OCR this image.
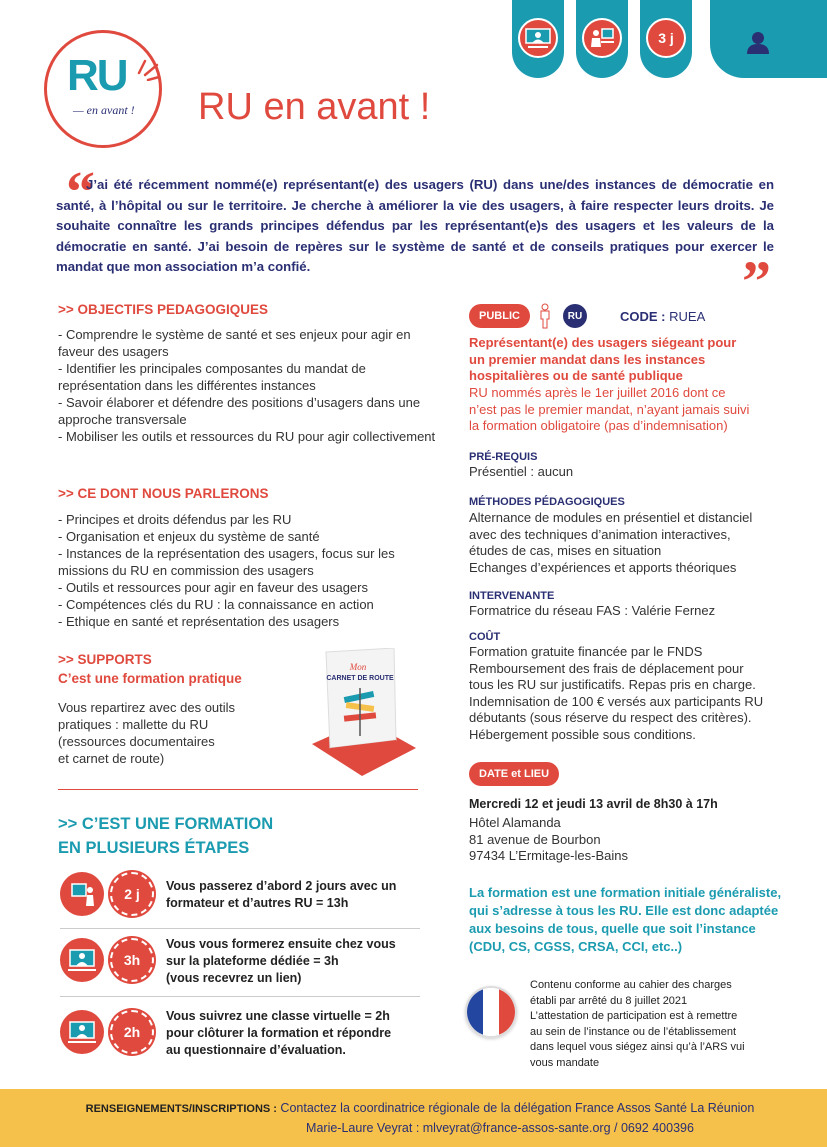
RU
— en avant ! RU en avant !
3 j
“
J’ai été récemment nommé(e) représentant(e) des usagers (RU) dans une/des instances de démocratie en santé, à l’hôpital ou sur le territoire. Je cherche à améliorer la vie des usagers, à faire respecter leurs droits. Je souhaite connaître les grands principes défendus par les représentant(e)s des usagers et les valeurs de la démocratie en santé. J’ai besoin de repères sur le système de santé et de conseils pratiques pour exercer le mandat que mon association m’a confié.	”
>> OBJECTIFS PEDAGOGIQUES
- Comprendre le système de santé et ses enjeux pour agir en faveur des usagers
- Identifier les principales composantes du mandat de représentation dans les différentes instances
- Savoir élaborer et défendre des positions d’usagers dans une approche transversale
- Mobiliser les outils et ressources du RU pour agir collectivement
>> CE DONT NOUS PARLERONS
- Principes et droits défendus par les RU
- Organisation et enjeux du système de santé
- Instances de la représentation des usagers, focus sur les missions du RU en commission des usagers
- Outils et ressources pour agir en faveur des usagers
- Compétences clés du RU : la connaissance en action
- Ethique en santé et représentation des usagers
>> SUPPORTS
C’est une formation pratique
Vous repartirez avec des outils
pratiques : mallette du RU
(ressources documentaires
et carnet de route)
Mon
CARNET DE ROUTE
>> C’EST UNE FORMATION
EN PLUSIEURS ÉTAPES
2 j	Vous passerez d’abord 2 jours avec un
formateur et d’autres RU = 13h
3h
Vous vous formerez ensuite chez vous
sur la plateforme dédiée = 3h
(vous recevrez un lien)
2h
Vous suivrez une classe virtuelle = 2h
pour clôturer la formation et répondre
au questionnaire d’évaluation.
PUBLIC	RU	CODE : RUEA
Représentant(e) des usagers siégeant pour
un premier mandat dans les instances
hospitalières ou de santé publique
RU nommés après le 1er juillet 2016 dont ce
n’est pas le premier mandat, n’ayant jamais suivi
la formation obligatoire (pas d’indemnisation)
PRÉ-REQUIS
Présentiel : aucun
MÉTHODES PÉDAGOGIQUES
Alternance de modules en présentiel et distanciel
avec des techniques d’animation interactives,
études de cas, mises en situation
Echanges d’expériences et apports théoriques
INTERVENANTE
Formatrice du réseau FAS : Valérie Fernez
COÛT
Formation gratuite financée par le FNDS
Remboursement des frais de déplacement pour
tous les RU sur justificatifs. Repas pris en charge.
Indemnisation de 100 € versés aux participants RU
débutants (sous réserve du respect des critères).
Hébergement possible sous conditions.
DATE et LIEU
Mercredi 12 et jeudi 13 avril de 8h30 à 17h
Hôtel Alamanda
81 avenue de Bourbon
97434 L’Ermitage-les-Bains
La formation est une formation initiale généraliste,
qui s’adresse à tous les RU. Elle est donc adaptée
aux besoins de tous, quelle que soit l’instance
(CDU, CS, CGSS, CRSA, CCI, etc..)
Contenu conforme au cahier des charges
établi par arrêté du 8 juillet 2021
L’attestation de participation est à remettre
au sein de l’instance ou de l’établissement
dans lequel vous siégez ainsi qu’à l’ARS vui
vous mandate
RENSEIGNEMENTS/INSCRIPTIONS : Contactez la coordinatrice régionale de la délégation France Assos Santé La Réunion
Marie-Laure Veyrat : mlveyrat@france-assos-sante.org / 0692 400396
